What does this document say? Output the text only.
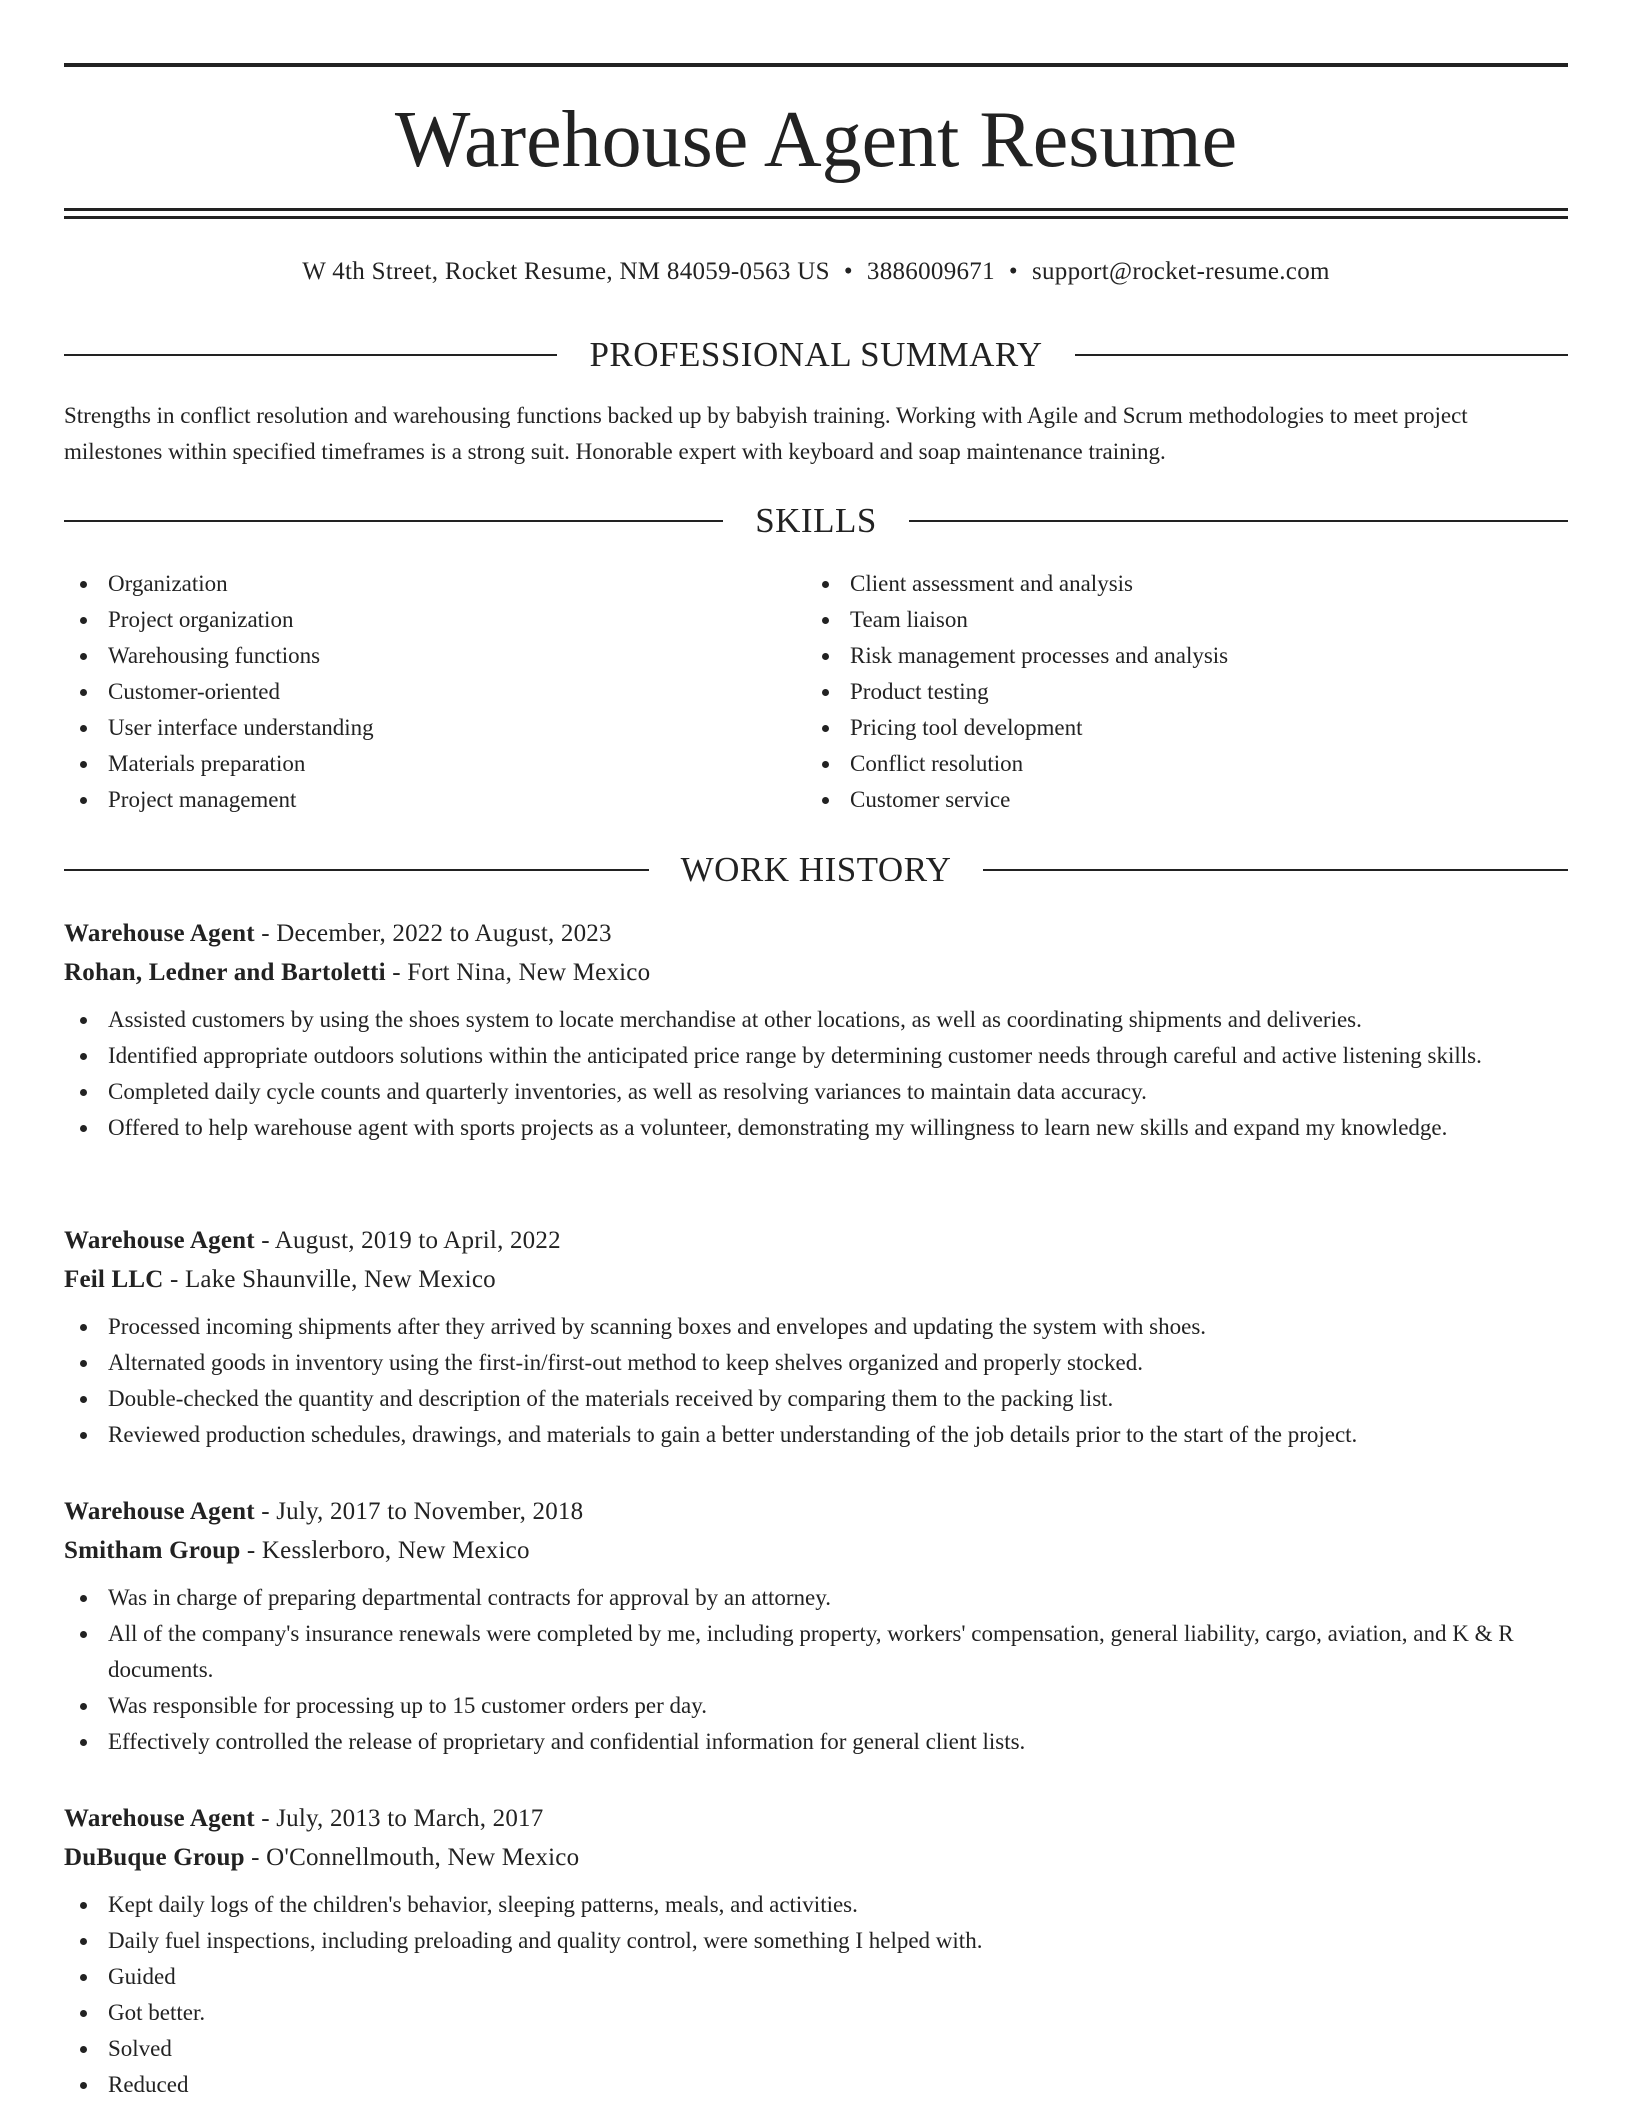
Warehouse Agent Resume
W 4th Street, Rocket Resume, NM 84059-0563 US • 3886009671 • support@rocket-resume.com
PROFESSIONAL SUMMARY

Strengths in conflict resolution and warehousing functions backed up by babyish training. Working with Agile and Scrum methodologies to meet project milestones within specified timeframes is a strong suit. Honorable expert with keyboard and soap maintenance training.

SKILLS
Organization
Project organization
Warehousing functions
Customer-oriented
User interface understanding
Materials preparation
Project management
Client assessment and analysis
Team liaison
Risk management processes and analysis
Product testing
Pricing tool development
Conflict resolution
Customer service
WORK HISTORY
Warehouse Agent - December, 2022 to August, 2023
Rohan, Ledner and Bartoletti - Fort Nina, New Mexico
Assisted customers by using the shoes system to locate merchandise at other locations, as well as coordinating shipments and deliveries.
Identified appropriate outdoors solutions within the anticipated price range by determining customer needs through careful and active listening skills.
Completed daily cycle counts and quarterly inventories, as well as resolving variances to maintain data accuracy.
Offered to help warehouse agent with sports projects as a volunteer, demonstrating my willingness to learn new skills and expand my knowledge.
Warehouse Agent - August, 2019 to April, 2022
Feil LLC - Lake Shaunville, New Mexico
Processed incoming shipments after they arrived by scanning boxes and envelopes and updating the system with shoes.
Alternated goods in inventory using the first-in/first-out method to keep shelves organized and properly stocked.
Double-checked the quantity and description of the materials received by comparing them to the packing list.
Reviewed production schedules, drawings, and materials to gain a better understanding of the job details prior to the start of the project.
Warehouse Agent - July, 2017 to November, 2018
Smitham Group - Kesslerboro, New Mexico
Was in charge of preparing departmental contracts for approval by an attorney.
All of the company's insurance renewals were completed by me, including property, workers' compensation, general liability, cargo, aviation, and K & R documents.
Was responsible for processing up to 15 customer orders per day.
Effectively controlled the release of proprietary and confidential information for general client lists.
Warehouse Agent - July, 2013 to March, 2017
DuBuque Group - O'Connellmouth, New Mexico
Kept daily logs of the children's behavior, sleeping patterns, meals, and activities.
Daily fuel inspections, including preloading and quality control, were something I helped with.
Guided
Got better.
Solved
Reduced
